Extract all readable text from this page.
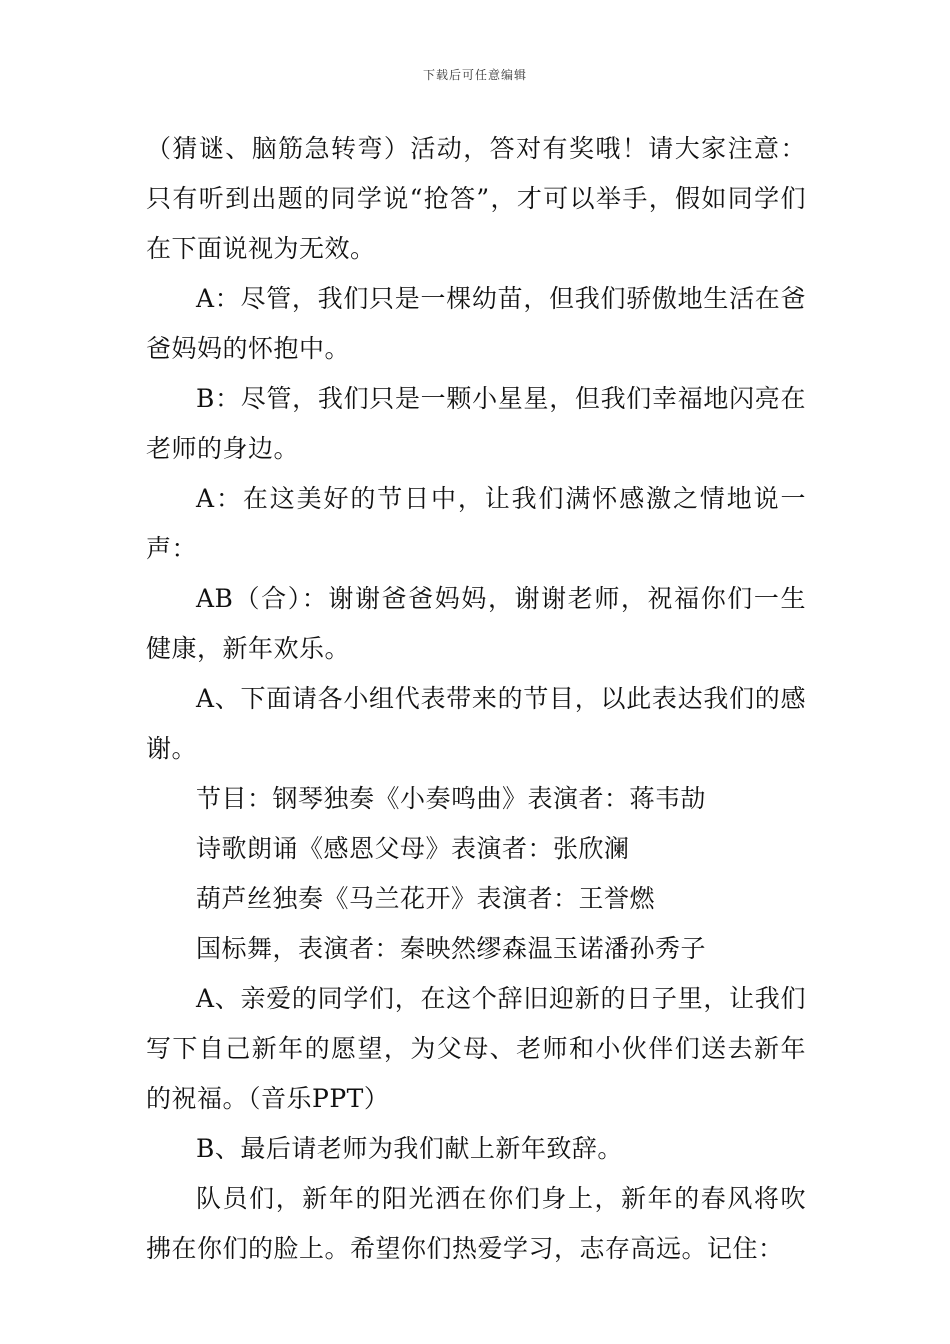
下载后可任意编辑

（猜谜、脑筋急转弯）活动，答对有奖哦！请大家注意：只有听到出题的同学说“抢答”，才可以举手，假如同学们在下面说视为无效。

A：尽管，我们只是一棵幼苗，但我们骄傲地生活在爸爸妈妈的怀抱中。

B：尽管，我们只是一颗小星星，但我们幸福地闪亮在老师的身边。

A：在这美好的节日中，让我们满怀感激之情地说一声：

AB（合）：谢谢爸爸妈妈，谢谢老师，祝福你们一生健康，新年欢乐。

A、下面请各小组代表带来的节目，以此表达我们的感谢。

节目：钢琴独奏《小奏鸣曲》表演者：蒋韦劼

诗歌朗诵《感恩父母》表演者：张欣澜

葫芦丝独奏《马兰花开》表演者：王誉燃

国标舞，表演者：秦映然缪森温玉诺潘孙秀子

A、亲爱的同学们，在这个辞旧迎新的日子里，让我们写下自己新年的愿望，为父母、老师和小伙伴们送去新年的祝福。（音乐PPT）

B、最后请老师为我们献上新年致辞。

队员们，新年的阳光洒在你们身上，新年的春风将吹拂在你们的脸上。希望你们热爱学习，志存高远。记住：
